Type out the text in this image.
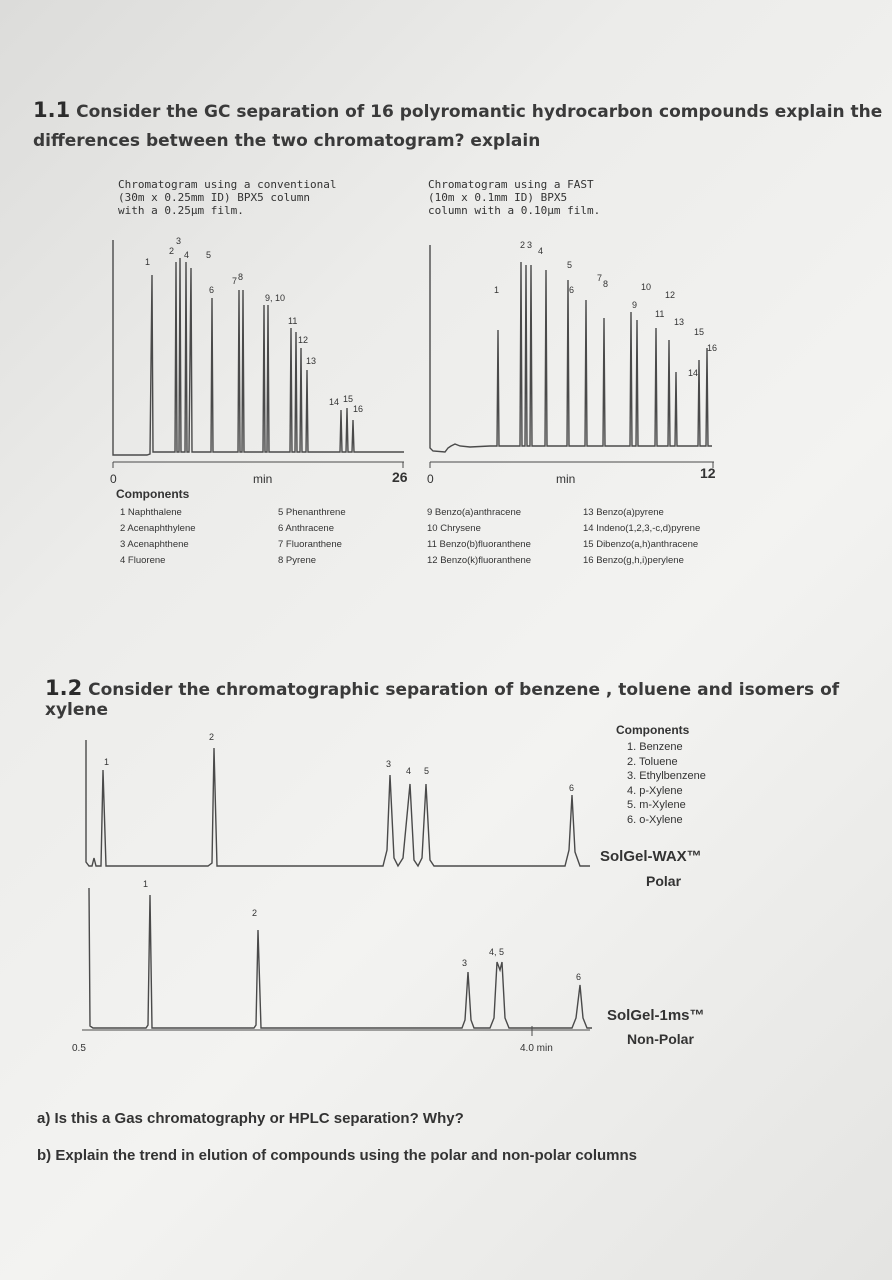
1.1 Consider the GC separation of 16 polyromantic hydrocarbon compounds explain the
differences between the two chromatogram? explain
Chromatogram using a conventional
(30m x 0.25mm ID) BPX5 column
with a 0.25µm film.
Chromatogram using a FAST
(10m x 0.1mm ID) BPX5
column with a 0.10µm film.
1
2
3
4 5
6
7 8
9, 10
11
12
13
14 15
16
1
2 3
4
5
6
7
8
9
10
11
12
13
14
15
16
0	min	26 0	min	12
Components
1 Naphthalene
2 Acenaphthylene
3 Acenaphthene
4 Fluorene
5 Phenanthrene
6 Anthracene
7 Fluoranthene
8 Pyrene
9 Benzo(a)anthracene
10 Chrysene
11 Benzo(b)fluoranthene
12 Benzo(k)fluoranthene
13 Benzo(a)pyrene
14 Indeno(1,2,3,-c,d)pyrene
15 Dibenzo(a,h)anthracene
16 Benzo(g,h,i)perylene
1.2 Consider the chromatographic separation of benzene , toluene and isomers of xylene
Components
1. Benzene
2. Toluene
3. Ethylbenzene
4. p-Xylene
5. m-Xylene
6. o-Xylene
1
2
3
4 5
6
1
2
3
4, 5
6
SolGel-WAX™
Polar
SolGel-1ms™
Non-Polar
0.5	4.0 min
a) Is this a Gas chromatography or HPLC separation? Why?
b) Explain the trend in elution of compounds using the polar and non-polar columns
